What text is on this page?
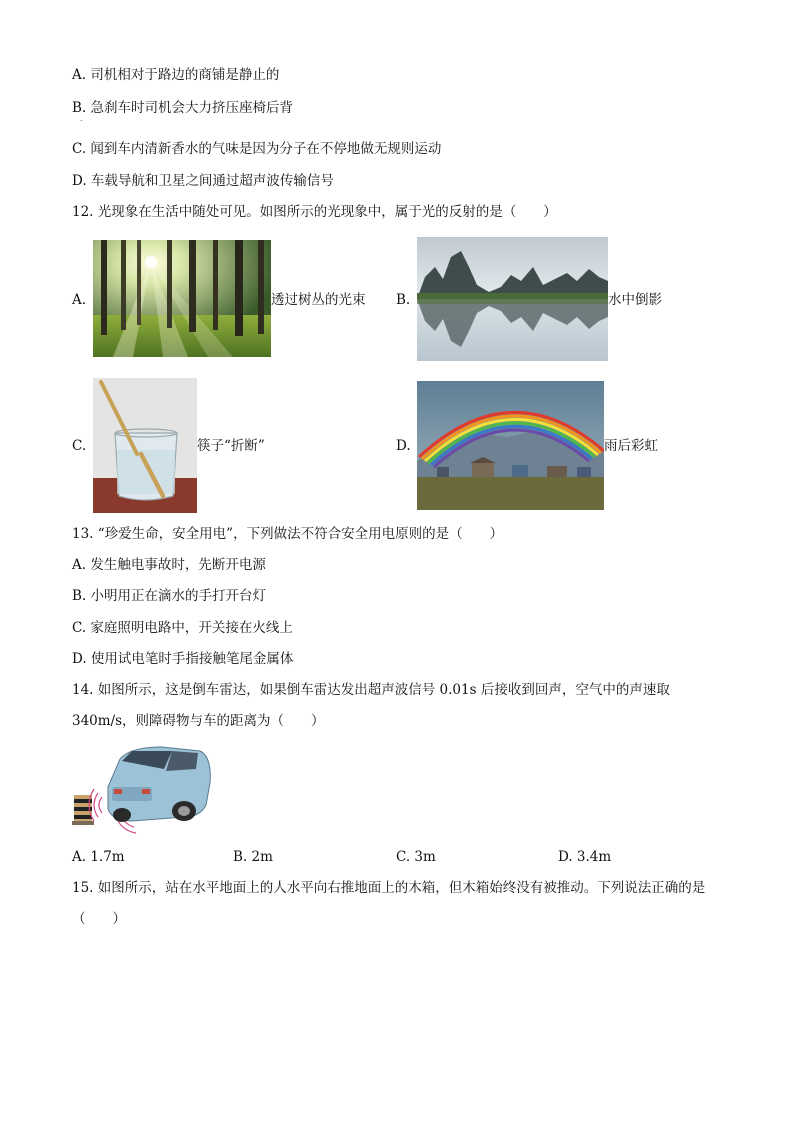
A. 司机相对于路边的商铺是静止的
B. 急刹车时司机会大力挤压座椅后背
.
C. 闻到车内清新香水的气味是因为分子在不停地做无规则运动
D. 车载导航和卫星之间通过超声波传输信号
12. 光现象在生活中随处可见。如图所示的光现象中，属于光的反射的是（　　）
A.	透过树丛的光束 B.	水中倒影
C.	筷子“折断”	D.	雨后彩虹
13. “珍爱生命，安全用电”，下列做法不符合安全用电原则的是（　　）
A. 发生触电事故时，先断开电源
B. 小明用正在滴水的手打开台灯
C. 家庭照明电路中，开关接在火线上
D. 使用试电笔时手指接触笔尾金属体
14. 如图所示，这是倒车雷达，如果倒车雷达发出超声波信号 0.01s 后接收到回声，空气中的声速取
340m/s，则障碍物与车的距离为（　　）
A. 1.7m	B. 2m	C. 3m	D. 3.4m
15. 如图所示，站在水平地面上的人水平向右推地面上的木箱，但木箱始终没有被推动。下列说法正确的是
（　　）
